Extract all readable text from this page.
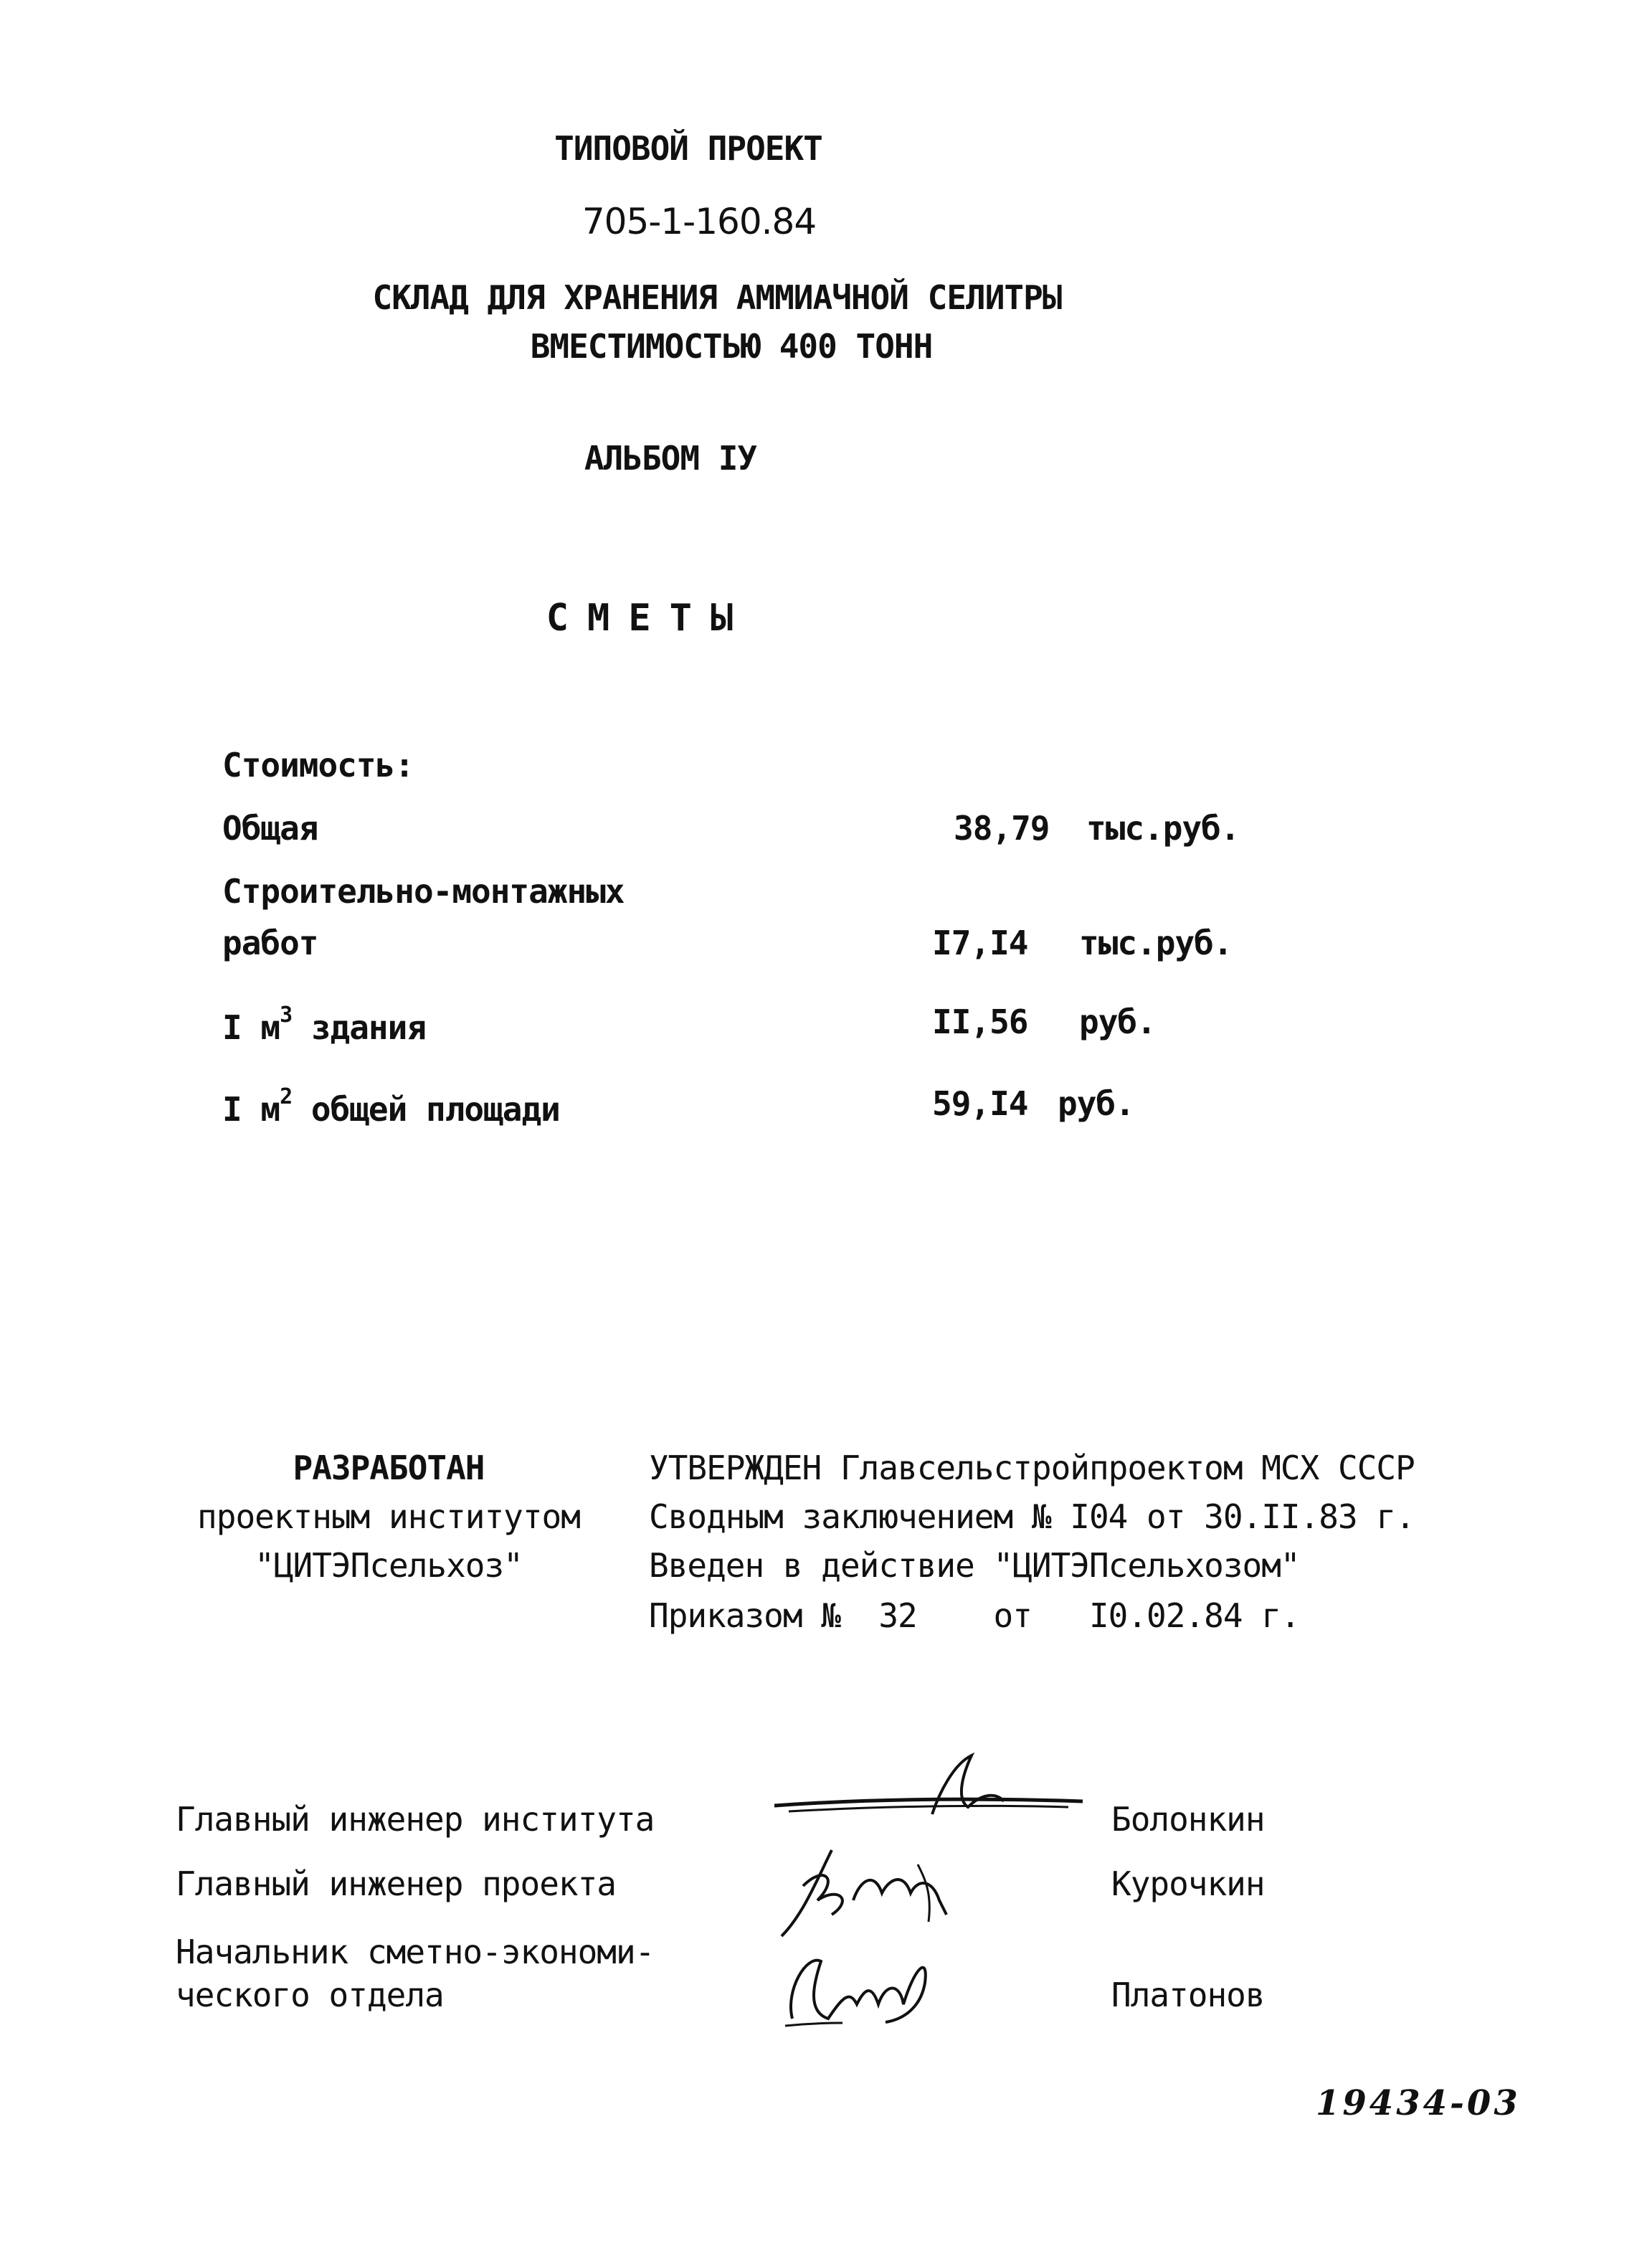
ТИПОВОЙ ПРОЕКТ
705-1-160.84
СКЛАД ДЛЯ ХРАНЕНИЯ АММИАЧНОЙ СЕЛИТРЫ
ВМЕСТИМОСТЬЮ 400 ТОНН
АЛЬБОМ IУ
СМЕТЫ
Стоимость:
Общая	38,79 тыс.руб.
Строительно-монтажных
работ	I7,I4 тыс.руб.
I $м^3$ здания	II,56 руб.
I $м^2$ общей площади	59,I4 руб.
РАЗРАБОТАН
проектным институтом
"ЦИТЭПсельхоз"
УТВЕРЖДЕН Главсельстройпроектом МСХ СССР
Сводным заключением № I04 от 30.II.83 г.
Введен в действие "ЦИТЭПсельхозом"
Приказом №  32    от   I0.02.84 г.
Главный инженер института	Болонкин
Главный инженер проекта	Курочкин
Начальник сметно-экономи-
ческого отдела	Платонов
19434-03
